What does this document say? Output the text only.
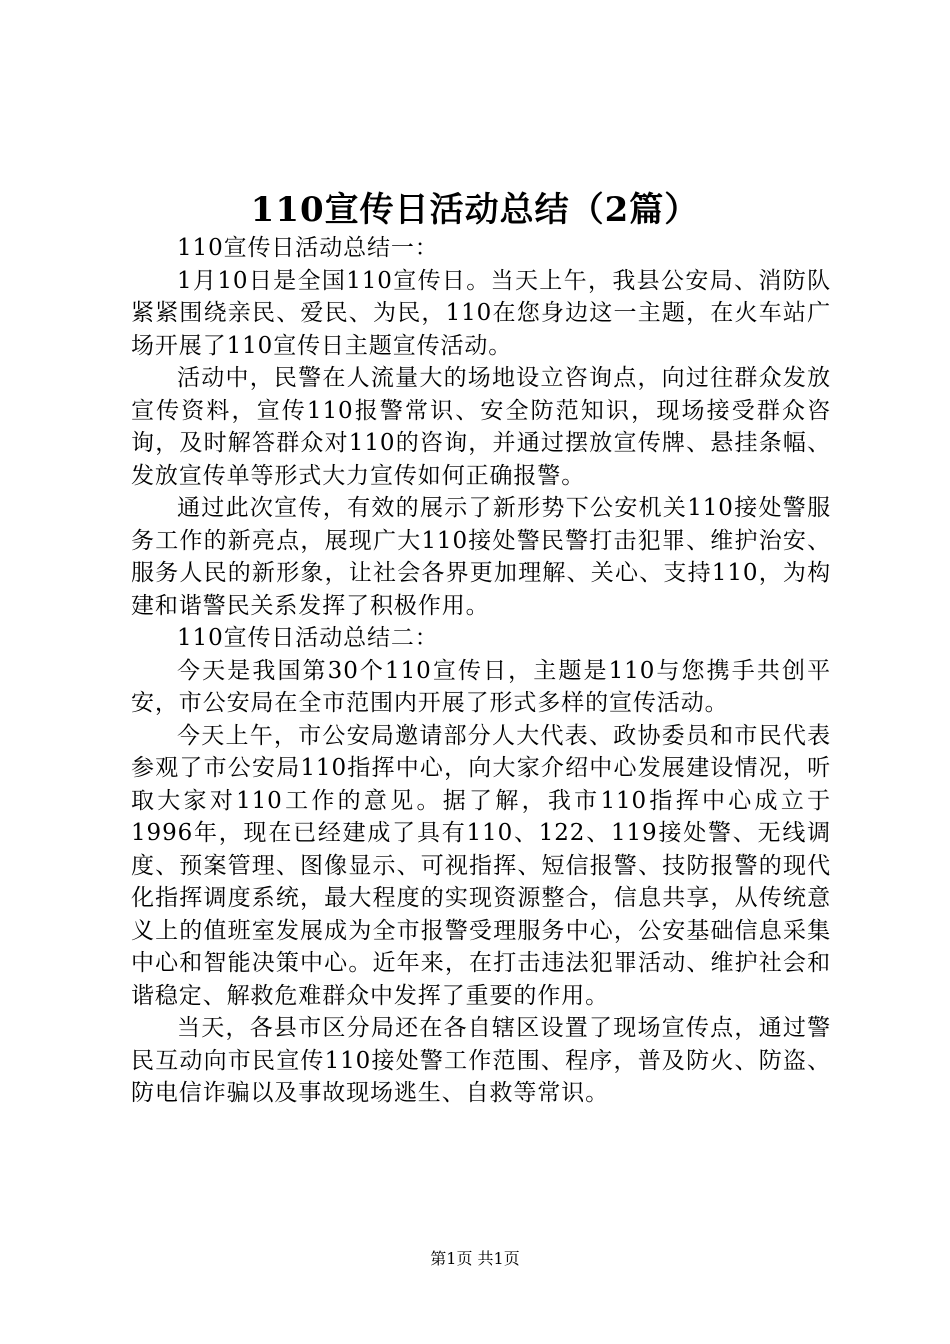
110宣传日活动总结（2篇）

110宣传日活动总结一：

1月10日是全国110宣传日。当天上午，我县公安局、消防队紧紧围绕亲民、爱民、为民，110在您身边这一主题，在火车站广场开展了110宣传日主题宣传活动。

活动中，民警在人流量大的场地设立咨询点，向过往群众发放宣传资料，宣传110报警常识、安全防范知识，现场接受群众咨询，及时解答群众对110的咨询，并通过摆放宣传牌、悬挂条幅、发放宣传单等形式大力宣传如何正确报警。

通过此次宣传，有效的展示了新形势下公安机关110接处警服务工作的新亮点，展现广大110接处警民警打击犯罪、维护治安、服务人民的新形象，让社会各界更加理解、关心、支持110，为构建和谐警民关系发挥了积极作用。

110宣传日活动总结二：

今天是我国第30个110宣传日，主题是110与您携手共创平安，市公安局在全市范围内开展了形式多样的宣传活动。

今天上午，市公安局邀请部分人大代表、政协委员和市民代表参观了市公安局110指挥中心，向大家介绍中心发展建设情况，听取大家对110工作的意见。据了解，我市110指挥中心成立于1996年，现在已经建成了具有110、122、119接处警、无线调度、预案管理、图像显示、可视指挥、短信报警、技防报警的现代化指挥调度系统，最大程度的实现资源整合，信息共享，从传统意义上的值班室发展成为全市报警受理服务中心，公安基础信息采集中心和智能决策中心。近年来，在打击违法犯罪活动、维护社会和谐稳定、解救危难群众中发挥了重要的作用。

当天，各县市区分局还在各自辖区设置了现场宣传点，通过警民互动向市民宣传110接处警工作范围、程序，普及防火、防盗、防电信诈骗以及事故现场逃生、自救等常识。

第1页 共1页
